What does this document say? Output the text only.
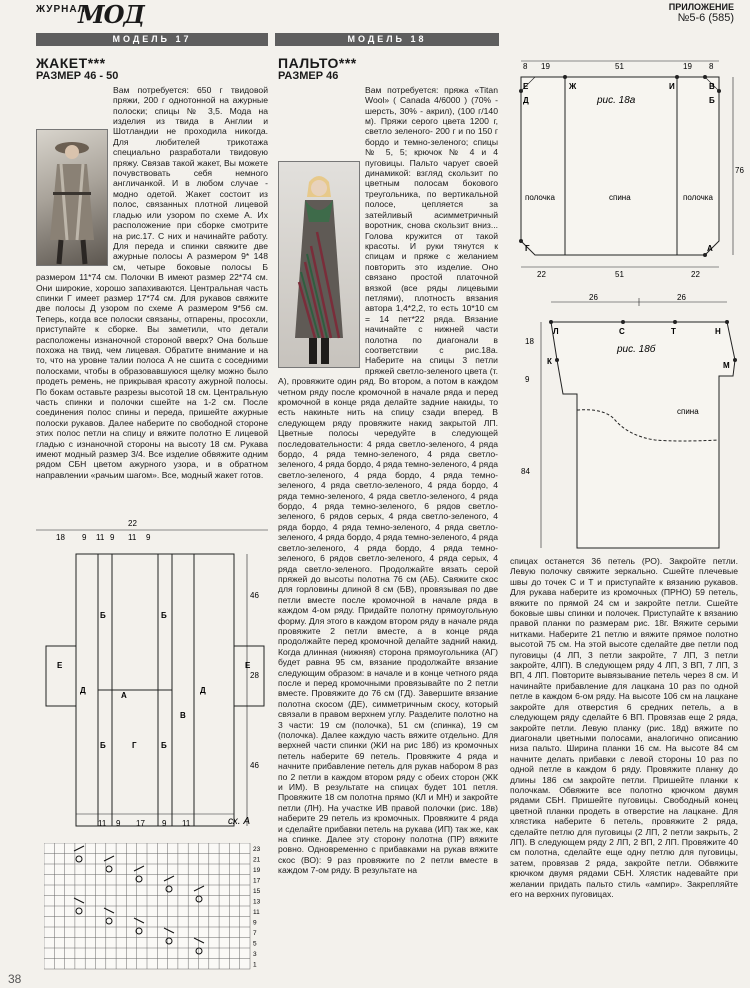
ЖУРНАЛ
МОД	ПРИЛОЖЕНИЕ
№5-6 (585)
МОДЕЛЬ 17	МОДЕЛЬ 18
ЖАКЕТ***
РАЗМЕР 46 - 50

Вам потребуется: 650 г твидовой пряжи, 200 г однотонной на ажурные полоски; спицы № 3,5. Мода на изделия из твида в Англии и Шотландии не проходила никогда. Для любителей трикотажа специально разработали твидовую пряжу. Связав такой жакет, Вы можете почувствовать себя немного англичанкой. И в любом случае - модно одетой. Жакет состоит из полос, связанных плотной лицевой гладью или узором по схеме А. Их расположение при сборке смотрите на рис.17. С них и начинайте работу. Для переда и спинки свяжите две ажурные полосы А размером 9* 148 см, четыре боковые полосы Б размером 11*74 см. Полочки В имеют размер 22*74 см. Они широкие, хорошо запахиваются. Центральная часть спинки Г имеет размер 17*74 см. Для рукавов свяжите две полосы Д узором по схеме А размером 9*56 см. Теперь, когда все полоски связаны, отпарены, просохли, приступайте к сборке. Вы заметили, что детали расположены изнаночной стороной вверх? Она больше похожа на твид, чем лицевая. Обратите внимание и на то, что на уровне талии полоса А не сшита с соседними полосками, чтобы в образовавшуюся щелку можно было продеть ремень, не прикрывая красоту ажурной полосы. По бокам оставьте разрезы высотой 18 см. Центральную часть спинки и полочки сшейте на 1-2 см. После соединения полос спины и переда, пришейте ажурные полоски рукавов. Далее наберите по свободной стороне этих полос петли на спицу и вяжите полотно Е лицевой гладью с изнаночной стороны на высоту 18 см. Рукава имеют модный размер 3/4. Все изделие обвяжите одним рядом СБН цветом ажурного узора, и в обратном направлении «рачьим шагом». Все, модный жакет готов.

ПАЛЬТО***
РАЗМЕР 46

Вам потребуется: пряжа «Titan Wool» ( Canada 4/6000 ) (70% - шерсть, 30% - акрил), (100 г/140 м). Пряжи серого цвета 1200 г, светло зеленого- 200 г и по 150 г бордо и темно-зеленого; спицы № 5, 5; крючок № 4 и 4 пуговицы. Пальто чарует своей динамикой: взгляд скользит по цветным полосам бокового треугольника, по вертикальной полосе, цепляется за затейливый асимметричный воротник, снова скользит вниз... Голова кружится от такой красоты. И руки тянутся к спицам и пряже с желанием повторить это изделие. Оно связано простой платочной вязкой (все ряды лицевыми петлями), плотность вязания автора 1,4*2,2, то есть 10*10 см = 14 пет*22 ряда. Вязание начинайте с нижней части полотна по диагонали в соответствии с рис.18а. Наберите на спицы 3 петли пряжей светло-зеленого цвета (т. А), провяжите один ряд. Во втором, а потом в каждом четном ряду после кромочной в начале ряда и перед кромочной в конце ряда делайте задние накиды, то есть накиньте нить на спицу сзади вперед. В следующем ряду провяжите накид закрытой ЛП. Цветные полосы чередуйте в следующей последовательности: 4 ряда светло-зеленого, 4 ряда бордо, 4 ряда темно-зеленого, 4 ряда светло-зеленого, 4 ряда бордо, 4 ряда темно-зеленого, 4 ряда светло-зеленого, 4 ряда бордо, 4 ряда темно-зеленого, 4 ряда светло-зеленого, 4 ряда бордо, 4 ряда темно-зеленого, 4 ряда светло-зеленого, 4 ряда бордо, 4 ряда темно-зеленого, 6 рядов светло-зеленого, 6 рядов серых, 4 ряда светло-зеленого, 4 ряда бордо, 4 ряда темно-зеленого, 4 ряда светло-зеленого, 4 ряда бордо, 4 ряда темно-зеленого, 4 ряда светло-зеленого, 4 ряда бордо, 4 ряда темно-зеленого, 6 рядов светло-зеленого, 4 ряда серых, 4 ряда светло-зеленого. Продолжайте вязать серой пряжей до высоты полотна 76 см (АБ). Свяжите скос для горловины длиной 8 см (БВ), провязывая по две петли вместе после кромочной в начале ряда в каждом 4-ом ряду. Придайте полотну прямоугольную форму. Для этого в каждом втором ряду в начале ряда провяжите 2 петли вместе, а в конце ряда продолжайте перед кромочной делайте задний накид. Когда длинная (нижняя) сторона прямоугольника (АГ) будет равна 95 см, вязание продолжайте вязание следующим образом: в начале и в конце четного ряда после и перед кромочными провязывайте по 2 петли вместе. Провяжите до 76 см (ГД). Завершите вязание полотна скосом (ДЕ), симметричным скосу, который связали в правом верхнем углу. Разделите полотно на 3 части: 19 см (полочка), 51 см (спинка), 19 см (полочка). Далее каждую часть вяжите отдельно. Для верхней части спинки (ЖИ на рис 18б) из кромочных петель наберите 69 петель. Провяжите 4 ряда и начните прибавление петель для рукав набором 8 раз по 2 петли в каждом втором ряду с обеих сторон (ЖК и ИМ). В результате на спицах будет 101 петля. Провяжите 18 см полотна прямо (КЛ и МН) и закройте петли (ЛН). На участке ИВ правой полочки (рис. 18в) наберите 29 петель из кромочных. Провяжите 4 ряда и сделайте прибавки петель на рукава (ИП) так же, как на спинке. Далее эту сторону полотна (ПР) вяжите ровно. Одновременно с прибавками на рукав вяжите скос (ВО): 9 раз провяжите по 2 петли вместе в каждом 7-ом ряду. В результате на

спицах останется 36 петель (РО). Закройте петли. Левую полочку свяжите зеркально. Сшейте плечевые швы до точек С и Т и приступайте к вязанию рукавов. Для рукава наберите из кромочных (ПРНО) 59 петель, вяжите по прямой 24 см и закройте петли. Сшейте боковые швы спинки и полочек. Приступайте к вязанию правой планки по размерам рис. 18г. Вяжите серыми нитками. Наберите 21 петлю и вяжите прямое полотно высотой 75 см. На этой высоте сделайте две петли под пуговицы (4 ЛП, 3 петли закройте, 7 ЛП, 3 петли закройте, 4ЛП). В следующем ряду 4 ЛП, 3 ВП, 7 ЛП, 3 ВП, 4 ЛП. Повторите вывязывание петель через 8 см. И начинайте прибавление для лацкана 10 раз по одной петле в каждом 6-ом ряду. На высоте 106 см на лацкане закройте для отверстия 6 средних петель, а в следующем ряду сделайте 6 ВП. Провязав еще 2 ряда, закройте петли. Левую планку (рис. 18д) вяжите по диагонали цветными полосами, аналогично описанию низа пальто. Ширина планки 16 см. На высоте 84 см начните делать прибавки с левой стороны 10 раз по одной петле в каждом 6 ряду. Провяжите планку до длины 186 см закройте петли. Пришейте планки к полочкам. Обвяжите все полотно крючком двумя рядами СБН. Пришейте пуговицы. Свободный конец цветной планки продеть в отверстие на лацкане. Для хлястика наберите 6 петель, провяжите 2 ряда, сделайте петлю для пуговицы (2 ЛП, 2 петли закрыть, 2 ЛП). В следующем ряду 2 ЛП, 2 ВП, 2 ЛП. Провяжите 40 см полотна, сделайте еще одну петлю для пуговицы, затем, провязав 2 ряда, закройте петли. Обвяжите крючком двумя рядами СБН. Хлястик надевайте при желании придать пальто стиль «ампир». Закрепляйте его на верхних пуговицах.

18 9 11 9 11 9
22
46
28
46
Е
Д	Д
Е
Б
А
Б
В
Б	Г	Б
11 9 17 9 11	сх. А
23
21
19
17
15
13
11
9
7
5
3
1
8 19	51	19 8
76
22	51	22
Е
Д
Ж	И	В
Б
Г	А
рис. 18а
полочка	спина	полочка
26	26
18
9
84
Л	С	Т	Н
К	М
рис. 18б
спина
38
